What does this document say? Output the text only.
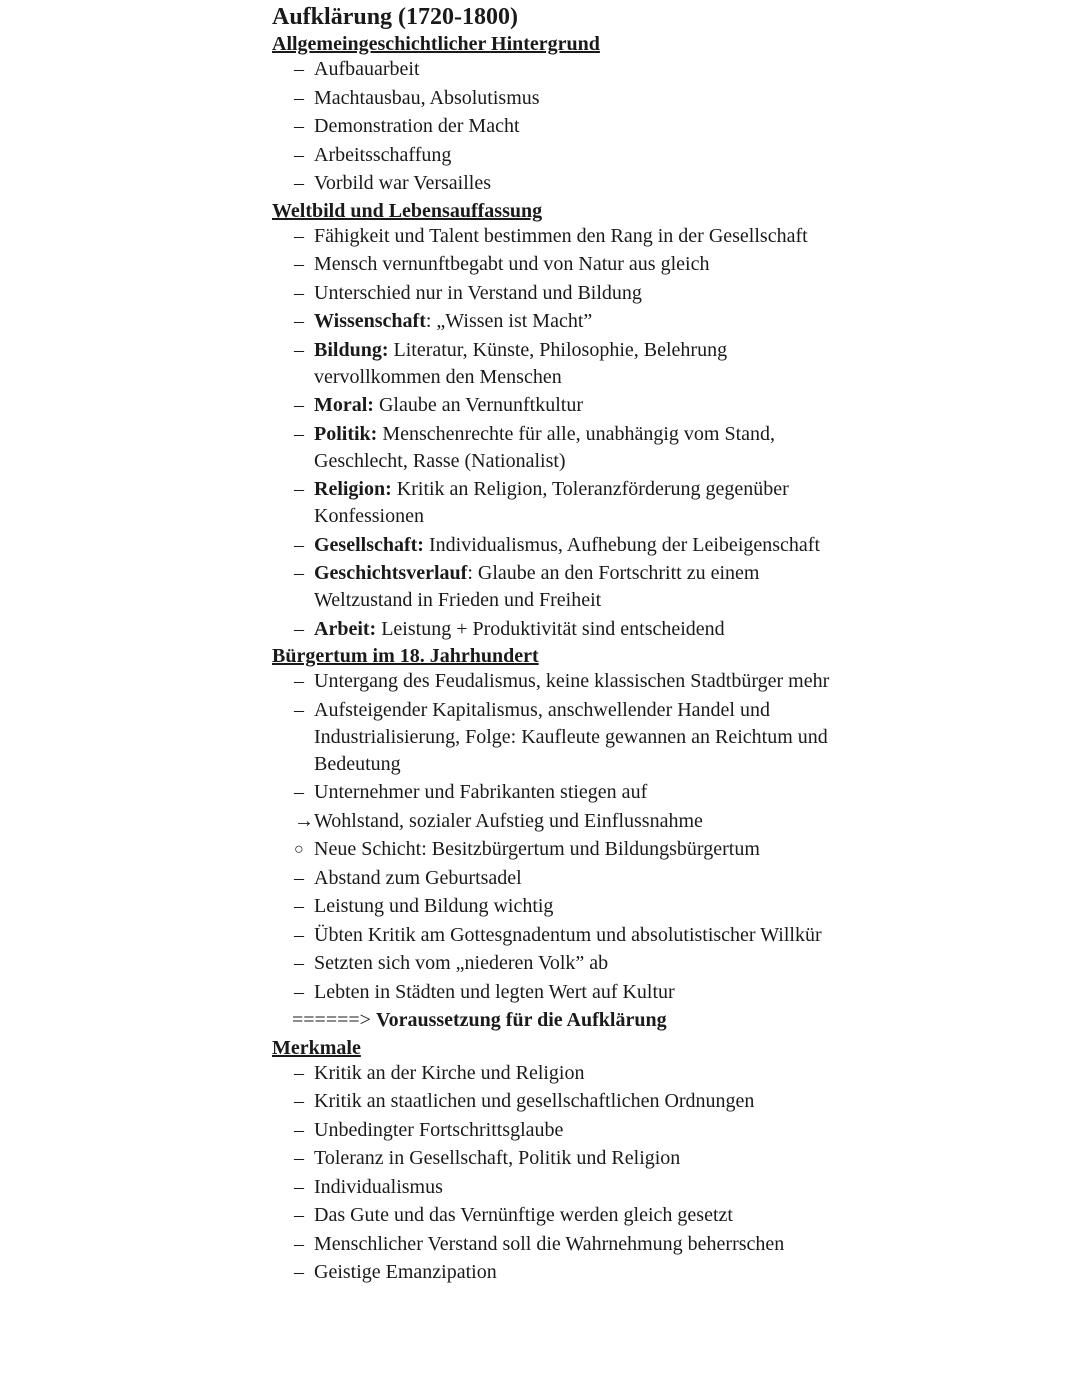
Aufklärung (1720-1800)
Allgemeingeschichtlicher Hintergrund
– Aufbauarbeit
– Machtausbau, Absolutismus
– Demonstration der Macht
– Arbeitsschaffung
– Vorbild war Versailles
Weltbild und Lebensauffassung
– Fähigkeit und Talent bestimmen den Rang in der Gesellschaft
– Mensch vernunftbegabt und von Natur aus gleich
– Unterschied nur in Verstand und Bildung
– Wissenschaft: „Wissen ist Macht”
– Bildung: Literatur, Künste, Philosophie, Belehrung vervollkommen den Menschen
– Moral: Glaube an Vernunftkultur
– Politik: Menschenrechte für alle, unabhängig vom Stand, Geschlecht, Rasse (Nationalist)
– Religion: Kritik an Religion, Toleranzförderung gegenüber Konfessionen
– Gesellschaft: Individualismus, Aufhebung der Leibeigenschaft
– Geschichtsverlauf: Glaube an den Fortschritt zu einem Weltzustand in Frieden und Freiheit
– Arbeit: Leistung + Produktivität sind entscheidend
Bürgertum im 18. Jahrhundert
– Untergang des Feudalismus, keine klassischen Stadtbürger mehr
– Aufsteigender Kapitalismus, anschwellender Handel und Industrialisierung, Folge: Kaufleute gewannen an Reichtum und Bedeutung
– Unternehmer und Fabrikanten stiegen auf
→ Wohlstand, sozialer Aufstieg und Einflussnahme
○ Neue Schicht: Besitzbürgertum und Bildungsbürgertum
– Abstand zum Geburtsadel
– Leistung und Bildung wichtig
– Übten Kritik am Gottesgnadentum und absolutistischer Willkür
– Setzten sich vom „niederen Volk” ab
– Lebten in Städten und legten Wert auf Kultur
======> Voraussetzung für die Aufklärung
Merkmale
– Kritik an der Kirche und Religion
– Kritik an staatlichen und gesellschaftlichen Ordnungen
– Unbedingter Fortschrittsglaube
– Toleranz in Gesellschaft, Politik und Religion
– Individualismus
– Das Gute und das Vernünftige werden gleich gesetzt
– Menschlicher Verstand soll die Wahrnehmung beherrschen
– Geistige Emanzipation
